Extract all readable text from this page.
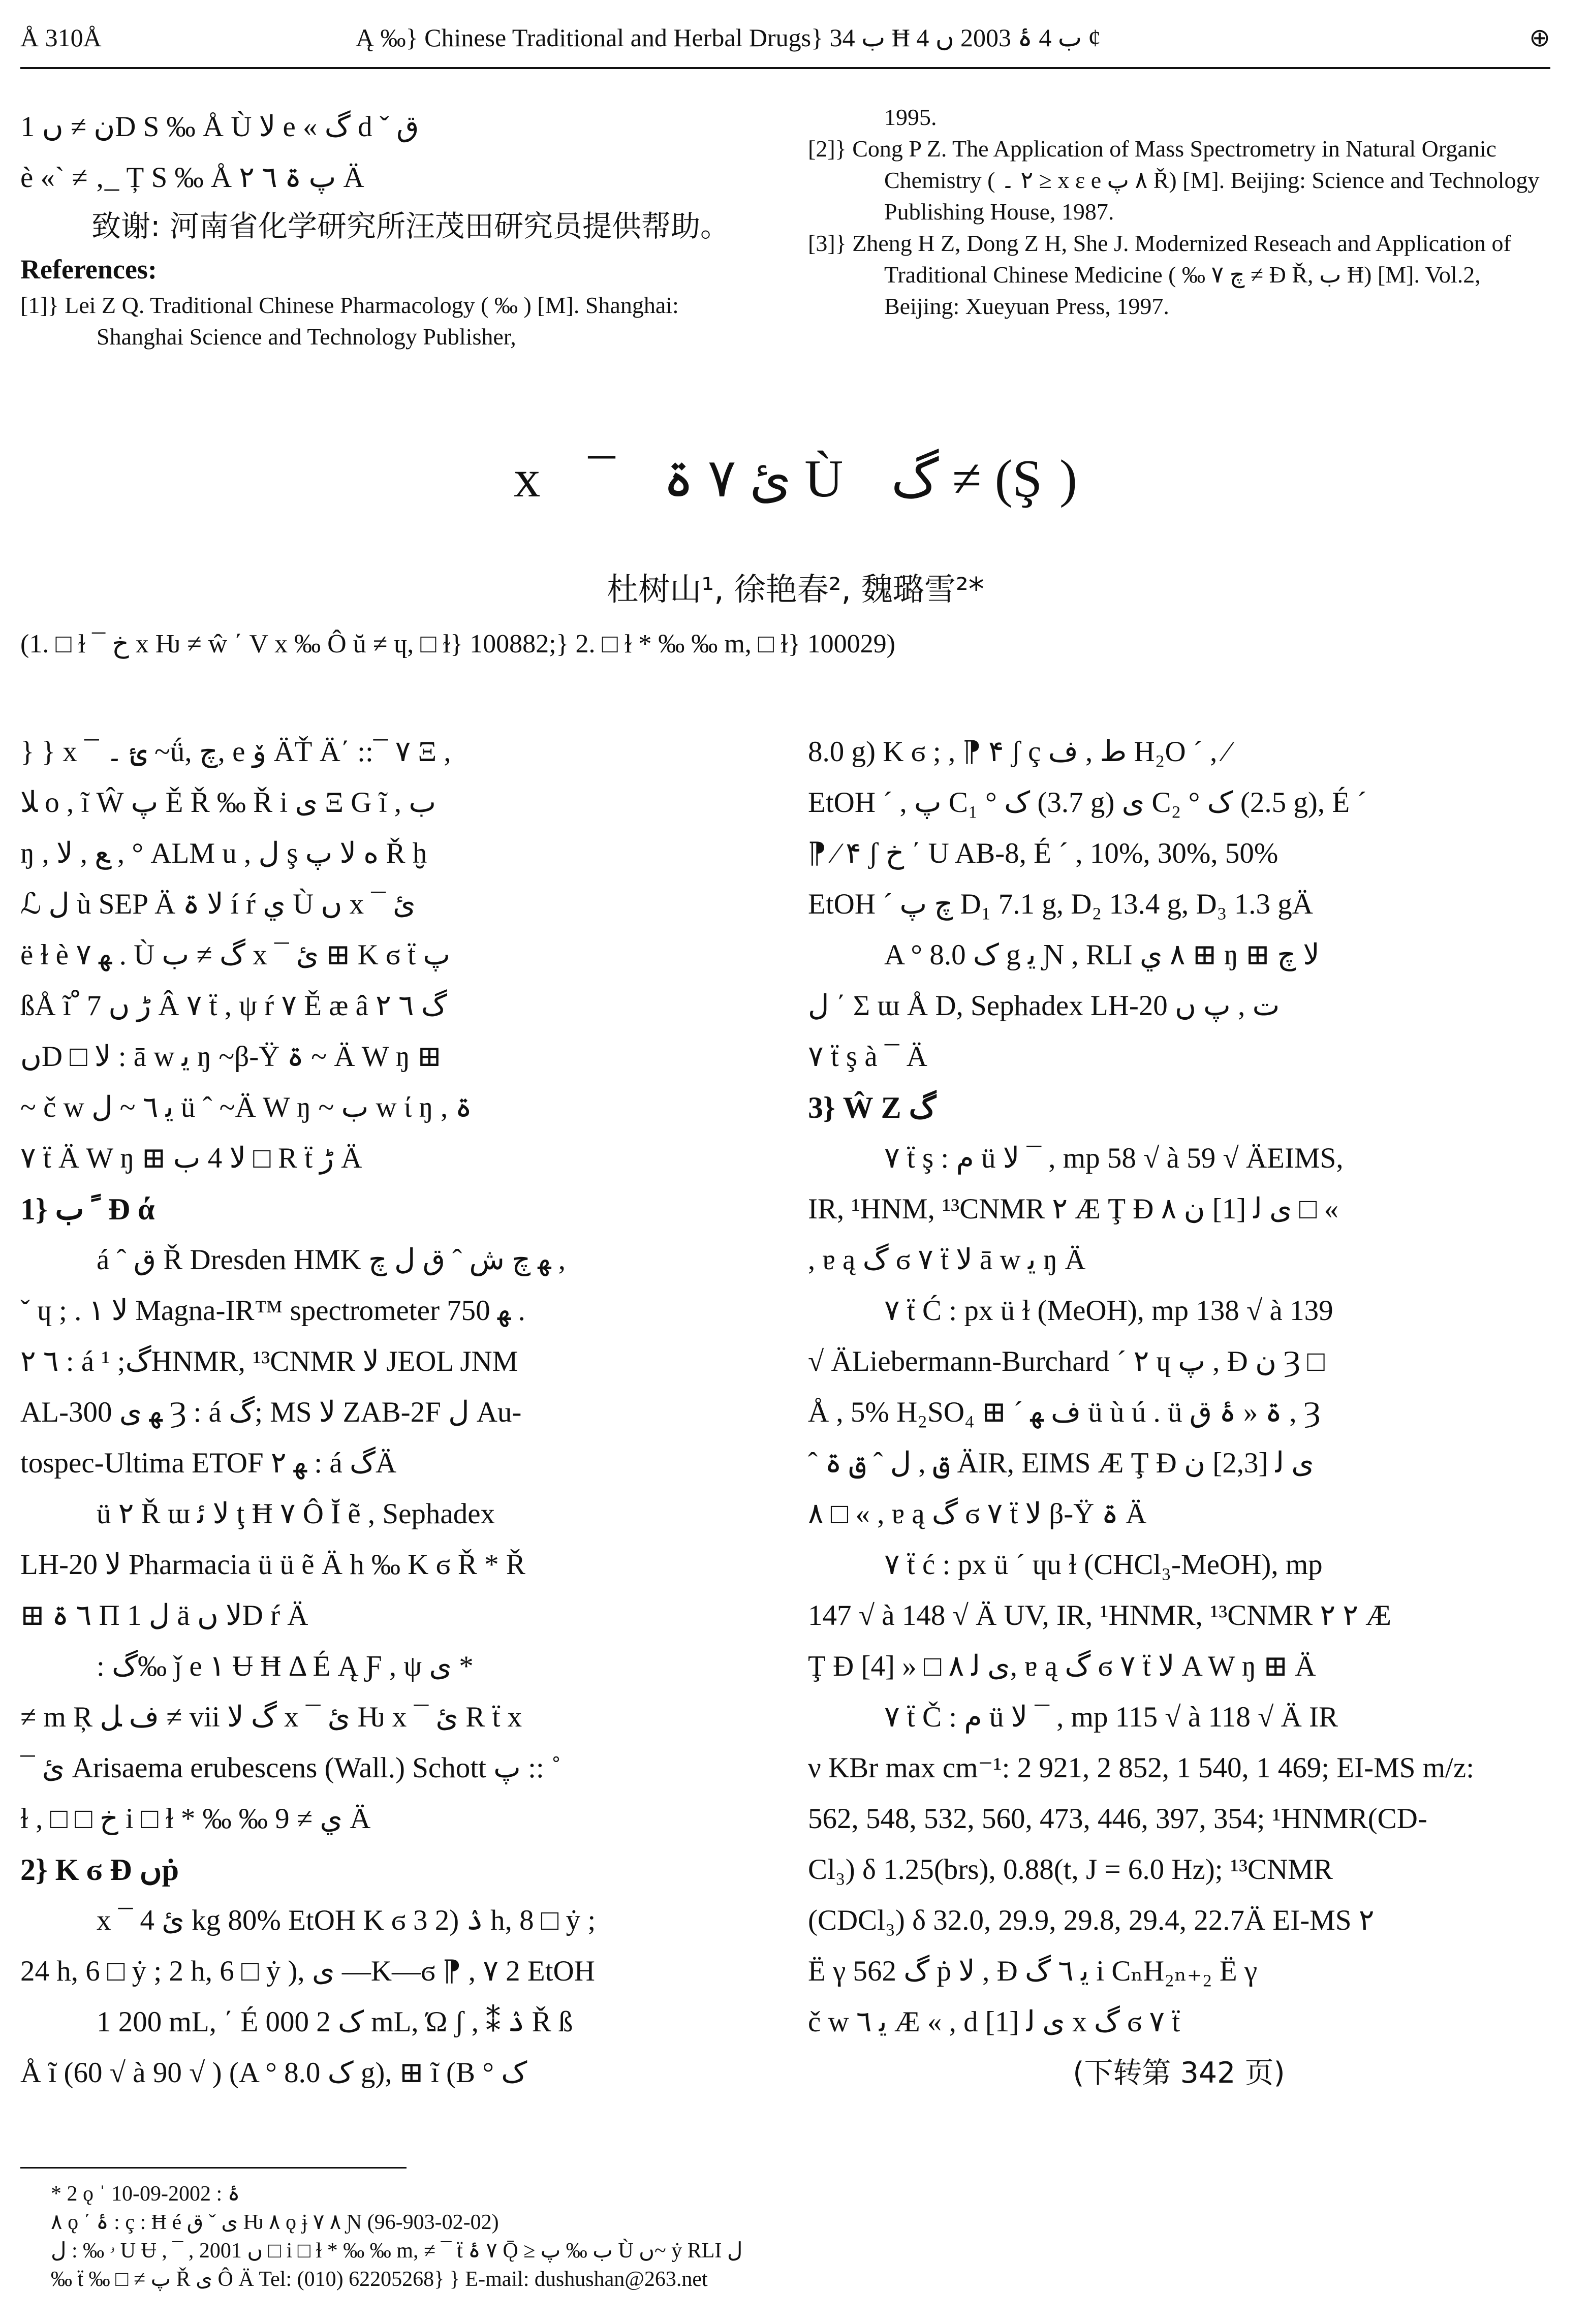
Å 310Å	Ą ‰} Chinese Traditional and Herbal Drugs} ب 34 Ħ ب 4 ۂ 2003 ں 4 ¢	⊕

1 ن ≠ ںD S ‰ Å Ù ﻻ e « گ d ˇ ق

è «` ≠ ‚_ Ț S ‰ Å ﭖ ۃ ٦ ٢ Ä

致谢: 河南省化学研究所汪茂田研究员提供帮助。

References:

[1]} Lei Z Q. Traditional Chinese Pharmacology ( ‰ ) [M]. Shanghai: Shanghai Science and Technology Publisher,

1995.

[2]} Cong P Z. The Application of Mass Spectrometry in Natural Organic Chemistry ( ٢ ۔ ≥ x ε e ٨ ﭖ Ř) [M]. Beijing: Science and Technology Publishing House, 1987.

[3]} Zheng H Z, Dong Z H, She J. Modernized Reseach and Application of Traditional Chinese Medicine ( ‰ چ ٧ ≠ Ɖ Ř, ﺏ Ħ) [M]. Vol.2, Beijing: Xueyuan Press, 1997.

x ¯ ئ ٧ ۃ Ù گ ≠ (Ş)
杜树山¹, 徐艳春², 魏璐雪²*
(1. □ ɫ ¯ خ x Ƕ ≠ ŵ ΄ V x ‰ Ô ŭ ≠ ɥ, □ ɫ} 100882;} 2. □ ɫ * ‰ ‰ m, □ ɫ} 100029)

} } x ¯ ئ ۔ ~ǘ, ﭺ, e ۆ ÄŤ Ä΄ ::¯ ٧ Ξ ,

ﻼ o , ĩ Ŵ ﭖ Ě Ř ‰ Ř i ی Ξ G ĩ , ب

ŋ , ﻊ , ﻻ , ° ALM u , ﻝ ş ﻩ ﻻ ﭖ Ř ḫ

ℒ ﻝ ù SEP Ä ﻻ ۃ í ŕ ﻱ Ù ں x ¯ ئ

ë ɫ è ﻬ ٧ . Ù گ ≠ ب x ¯ ئ ⊞ K ϭ ẗ ﭖ

ßÅ ĩ ْ ڑ ں 7 Â ٧ ẗ , ψ ŕ ٧ Ě æ â گ ٦ ٢

ںD □ ﻻ : ā w ﯾ ŋ ~β-Ÿ ۃ ~ Ä W ŋ ⊞

~ č w ﯾ ٦ ~ ﻝ ü ˆ ~Ä W ŋ ~ ﺏ w ί ŋ , ۃ

٧ ẗ Ä W ŋ ⊞ ﻻ 4 ب □ R ẗ ڑ Ä

1} ﹰ ب Ɖ ά

á ˆ ق Ř Dresden HMK ﻬ ﭺ ﺵ ˆ ق ﻝ ﭺ ,

ˇ ɥ ; . ۱ ﻻ Magna-IR™ spectrometer 750 ﻬ .

٦ ٢ : á گ; ¹HNMR, ¹³CNMR ﻻ JEOL JNM

AL-300 ﻬ ی Ȝ : á گ; MS ﻻ ZAB-2F ﻝ Au-

tospec-Ultima ETOF ﻬ ٢ : á گÄ

ü ٢ Ř ɯ ﻻ ﺋ ţ Ħ ٧ Ô Ĭ ẽ , Sephadex

LH-20 ﻻ Pharmacia ü ü ẽ Ä h ‰ K ϭ Ř * Ř

⊞ ٦ ۃ Π 1 ﻝ ä ﻻ ںD ŕ Ä

: گ‰ ǰ e ۱ Ʉ Ħ Δ É Ą Ƒ , ψ ﻯ *

≠ m Ŗ ﻑ ﻞ ≠ vii گ ﻻ x ¯ ئ Ƕ x ¯ ئ R ẗ x

¯ ئ Arisaema erubescens (Wall.) Schott ﭖ :: ˚

ɫ , □ □ خ i □ ɫ * ‰ ‰ ﻱ ≠ 9 Ä

2} K ϭ Ɖ ںṗ

x ¯ ئ 4 kg 80% EtOH K ϭ 3 ۮ (2 h, 8 □ ẏ ;

24 h, 6 □ ẏ ; 2 h, 6 □ ẏ ), ﻯ —K—ϭ ⁋ , ٧ 2 EtOH

1 200 mL, ΄ É ک 2 000 mL, Ώ ʃ , ⁑ ۮ Ř ß

Å ĩ (60 √ à 90 √ ) (A ° ک 8.0 g), ⊞ ĩ (B ° ک

8.0 g) K ϭ ; , ⁋ ۴ ʃ ç ط , ﻑ H₂O ˊ , ⁄

EtOH ˊ , ﭖ C₁ ° ک (3.7 g) ﻯ C₂ ° ک (2.5 g), É ˊ

⁋ ⁄ ۴ ʃ خ ΄ U AB-8, É ˊ , 10%, 30%, 50%

EtOH ˊ چ ﭖ D₁ 7.1 g, D₂ 13.4 g, D₃ 1.3 gÄ

A ° ک 8.0 g ﯾ Ɲ , RLI ٨ ﻱ ⊞ ŋ ⊞ ﻻ چ

ﻝ ΄ Σ ɯ Å D, Sephadex LH-20 ﺕ , ﭖ ں

٧ ẗ ş à ¯ Ä

3} Ŵ Z گ

٧ ẗ ş : م ü ﻻ ¯ , mp 58 √ à 59 √ ÄEIMS,

IR, ¹HNM, ¹³CNMR ٢ Æ Ţ Ɖ ی ﻟ [1] ن ٨ □ «

, ɐ ą گ ϭ ٧ ẗ ﻻ ā w ﯾ ŋ Ä

٧ ẗ Ć : px ü ɫ (MeOH), mp 138 √ à 139

√ ÄLiebermann-Burchard ˊ ٢ ɥ ﭖ , Ɖ ن Ȝ □

Å , 5% H₂SO₄ ⊞ ˊ ﻑ ﻬ ü ù ú . ü ۃ « ۂ ق , Ȝ

ˆ ق , ﻝ ˆ ق ۃ ÄIR, EIMS Æ Ţ Ɖ ی ﻟ [2,3] ن

٨ □ « , ɐ ą گ ϭ ٧ ẗ ﻻ β-Ÿ ۃ Ä

٧ ẗ ć : px ü ˊ ɥu ɫ (CHCl₃-MeOH), mp

147 √ à 148 √ Ä UV, IR, ¹HNMR, ¹³CNMR ٢ ٢ Æ

Ţ Ɖ ی ﻟ ٨ □ « [4], ɐ ą گ ϭ ٧ ẗ ﻻ A W ŋ ⊞ Ä

٧ ẗ Č : م ü ﻻ ¯ , mp 115 √ à 118 √ Ä IR

ν KBr max cm⁻¹: 2 921, 2 852, 1 540, 1 469; EI-MS m/z:

562, 548, 532, 560, 473, 446, 397, 354; ¹HNMR(CD-

Cl₃) δ 1.25(brs), 0.88(t, J = 6.0 Hz); ¹³CNMR

(CDCl₃) δ 32.0, 29.9, 29.8, 29.4, 22.7Ä EI-MS ٢

Ë γ 562 گ ṗ ﻻ , Ɖ ﯾ ٦ گ i CₙH₂ₙ₊₂ Ë γ

č w ﯾ ٦ Æ « , d ی ﻟ [1] x گ ϭ ٧ ẗ

(下转第 342 页)

* 2 ǫ ˈ ۂ : 2002-09-10

٨ ǫ ΄ ۂ : ç : Ħ é ﻯ ˇ ق Ƕ ٨ ǫ ɉ ٨ ٧ Ɲ (96-903-02-02)

ۥ ‰ : ﻝ U Ʉ , ¯ , 2001 ں □ i □ ɫ * ‰ ‰ m, ≠ ¯ ẗ ٧ ۂ Ǭ ≥ ب ‰ ﭖ Ù ں~ ẏ RLI ﻝ

‰ ẗ ‰ □ ≠ ﭖ Ř ی Ô Ä Tel: (010) 62205268} } E-mail: dushushan@263.net
